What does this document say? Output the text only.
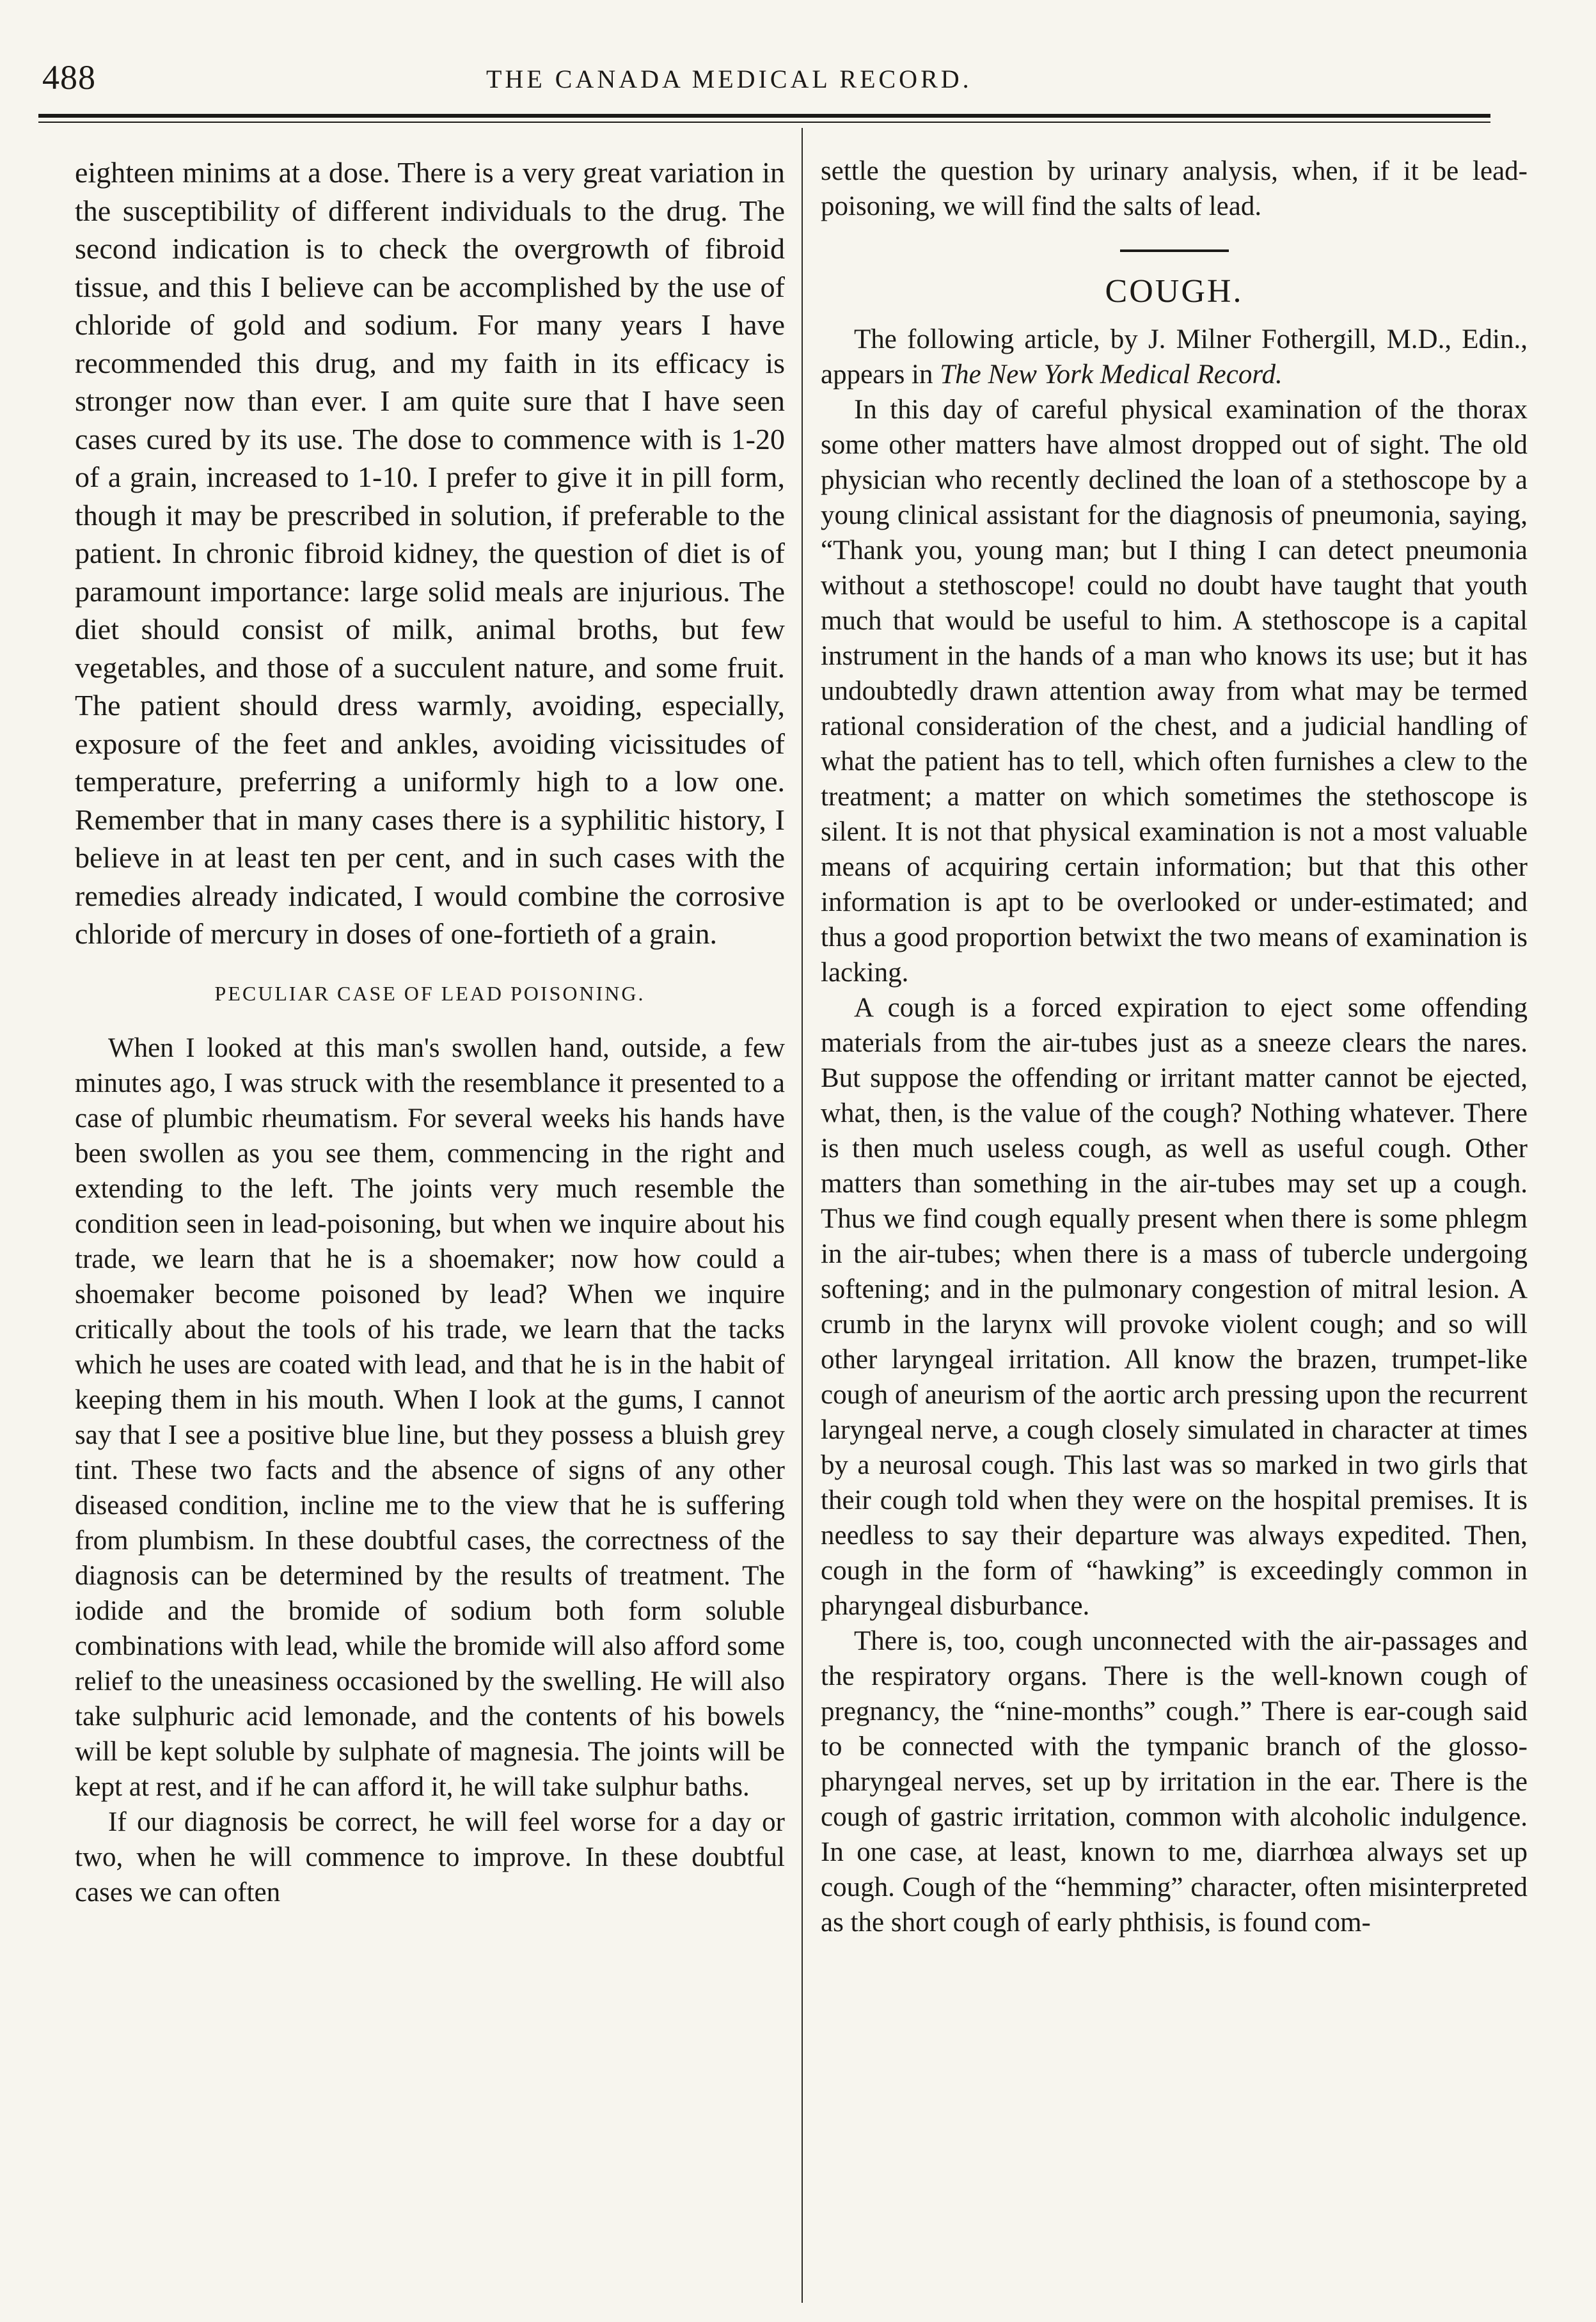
488	THE CANADA MEDICAL RECORD.

eighteen minims at a dose. There is a very great variation in the susceptibility of different individuals to the drug. The second indication is to check the overgrowth of fibroid tissue, and this I believe can be accomplished by the use of chloride of gold and sodium. For many years I have recommended this drug, and my faith in its efficacy is stronger now than ever. I am quite sure that I have seen cases cured by its use. The dose to commence with is 1-20 of a grain, increased to 1-10. I prefer to give it in pill form, though it may be prescribed in solution, if preferable to the patient. In chronic fibroid kidney, the question of diet is of paramount importance: large solid meals are injurious. The diet should consist of milk, animal broths, but few vegetables, and those of a succulent nature, and some fruit. The patient should dress warmly, avoiding, especially, exposure of the feet and ankles, avoiding vicissitudes of temperature, preferring a uniformly high to a low one. Remember that in many cases there is a syphilitic history, I believe in at least ten per cent, and in such cases with the remedies already indicated, I would combine the corrosive chloride of mercury in doses of one-fortieth of a grain.

PECULIAR CASE OF LEAD POISONING.

When I looked at this man's swollen hand, outside, a few minutes ago, I was struck with the resemblance it presented to a case of plumbic rheumatism. For several weeks his hands have been swollen as you see them, commencing in the right and extending to the left. The joints very much resemble the condition seen in lead-poisoning, but when we inquire about his trade, we learn that he is a shoemaker; now how could a shoemaker become poisoned by lead? When we inquire critically about the tools of his trade, we learn that the tacks which he uses are coated with lead, and that he is in the habit of keeping them in his mouth. When I look at the gums, I cannot say that I see a positive blue line, but they possess a bluish grey tint. These two facts and the absence of signs of any other diseased condition, incline me to the view that he is suffering from plumbism. In these doubtful cases, the correctness of the diagnosis can be determined by the results of treatment. The iodide and the bromide of sodium both form soluble combinations with lead, while the bromide will also afford some relief to the uneasiness occasioned by the swelling. He will also take sulphuric acid lemonade, and the contents of his bowels will be kept soluble by sulphate of magnesia. The joints will be kept at rest, and if he can afford it, he will take sulphur baths.

If our diagnosis be correct, he will feel worse for a day or two, when he will commence to improve. In these doubtful cases we can often

settle the question by urinary analysis, when, if it be lead-poisoning, we will find the salts of lead.

COUGH.

The following article, by J. Milner Fothergill, M.D., Edin., appears in The New York Medical Record.

In this day of careful physical examination of the thorax some other matters have almost dropped out of sight. The old physician who recently declined the loan of a stethoscope by a young clinical assistant for the diagnosis of pneumonia, saying, “Thank you, young man; but I thing I can detect pneumonia without a stethoscope! could no doubt have taught that youth much that would be useful to him. A stethoscope is a capital instrument in the hands of a man who knows its use; but it has undoubtedly drawn attention away from what may be termed rational consideration of the chest, and a judicial handling of what the patient has to tell, which often furnishes a clew to the treatment; a matter on which sometimes the stethoscope is silent. It is not that physical examination is not a most valuable means of acquiring certain information; but that this other information is apt to be overlooked or under-estimated; and thus a good proportion betwixt the two means of examination is lacking.

A cough is a forced expiration to eject some offending materials from the air-tubes just as a sneeze clears the nares. But suppose the offending or irritant matter cannot be ejected, what, then, is the value of the cough? Nothing whatever. There is then much useless cough, as well as useful cough. Other matters than something in the air-tubes may set up a cough. Thus we find cough equally present when there is some phlegm in the air-tubes; when there is a mass of tubercle undergoing softening; and in the pulmonary congestion of mitral lesion. A crumb in the larynx will provoke violent cough; and so will other laryngeal irritation. All know the brazen, trumpet-like cough of aneurism of the aortic arch pressing upon the recurrent laryngeal nerve, a cough closely simulated in character at times by a neurosal cough. This last was so marked in two girls that their cough told when they were on the hospital premises. It is needless to say their departure was always expedited. Then, cough in the form of “hawking” is exceedingly common in pharyngeal disburbance.

There is, too, cough unconnected with the air-passages and the respiratory organs. There is the well-known cough of pregnancy, the “nine-months” cough.” There is ear-cough said to be connected with the tympanic branch of the glosso-pharyngeal nerves, set up by irritation in the ear. There is the cough of gastric irritation, common with alcoholic indulgence. In one case, at least, known to me, diarrhœa always set up cough. Cough of the “hemming” character, often misinterpreted as the short cough of early phthisis, is found com-
